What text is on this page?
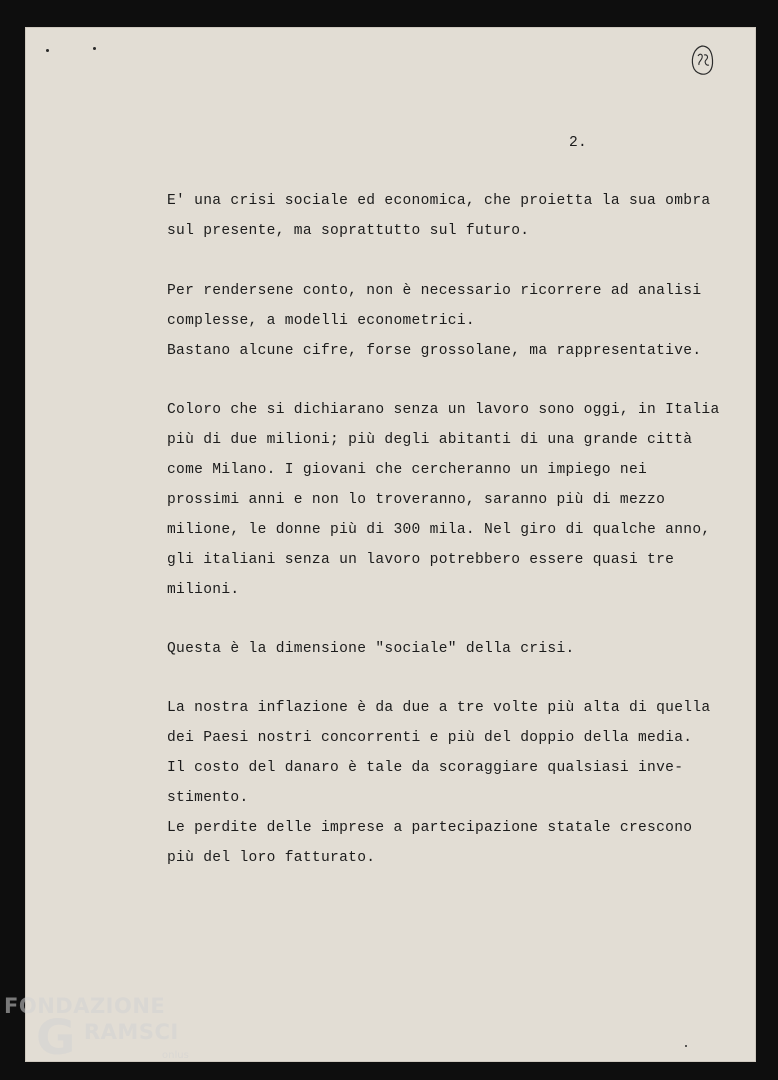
2.
E' una crisi sociale ed economica, che proietta la sua ombra
sul presente, ma soprattutto sul futuro.
Per rendersene conto, non è necessario ricorrere ad analisi
complesse, a modelli econometrici.
Bastano alcune cifre, forse grossolane, ma rappresentative.
Coloro che si dichiarano senza un lavoro sono oggi, in Italia
più di due milioni; più degli abitanti di una grande città
come Milano. I giovani che cercheranno un impiego nei
prossimi anni e non lo troveranno, saranno più di mezzo
milione, le donne più di 300 mila. Nel giro di qualche anno,
gli italiani senza un lavoro potrebbero essere quasi tre
milioni.
Questa è la dimensione "sociale" della crisi.
La nostra inflazione è da due a tre volte più alta di quella
dei Paesi nostri concorrenti e più del doppio della media.
Il costo del danaro è tale da scoraggiare qualsiasi inve-
stimento.
Le perdite delle imprese a partecipazione statale crescono
più del loro fatturato.
FONDAZIONE
G RAMSCI
onlus
